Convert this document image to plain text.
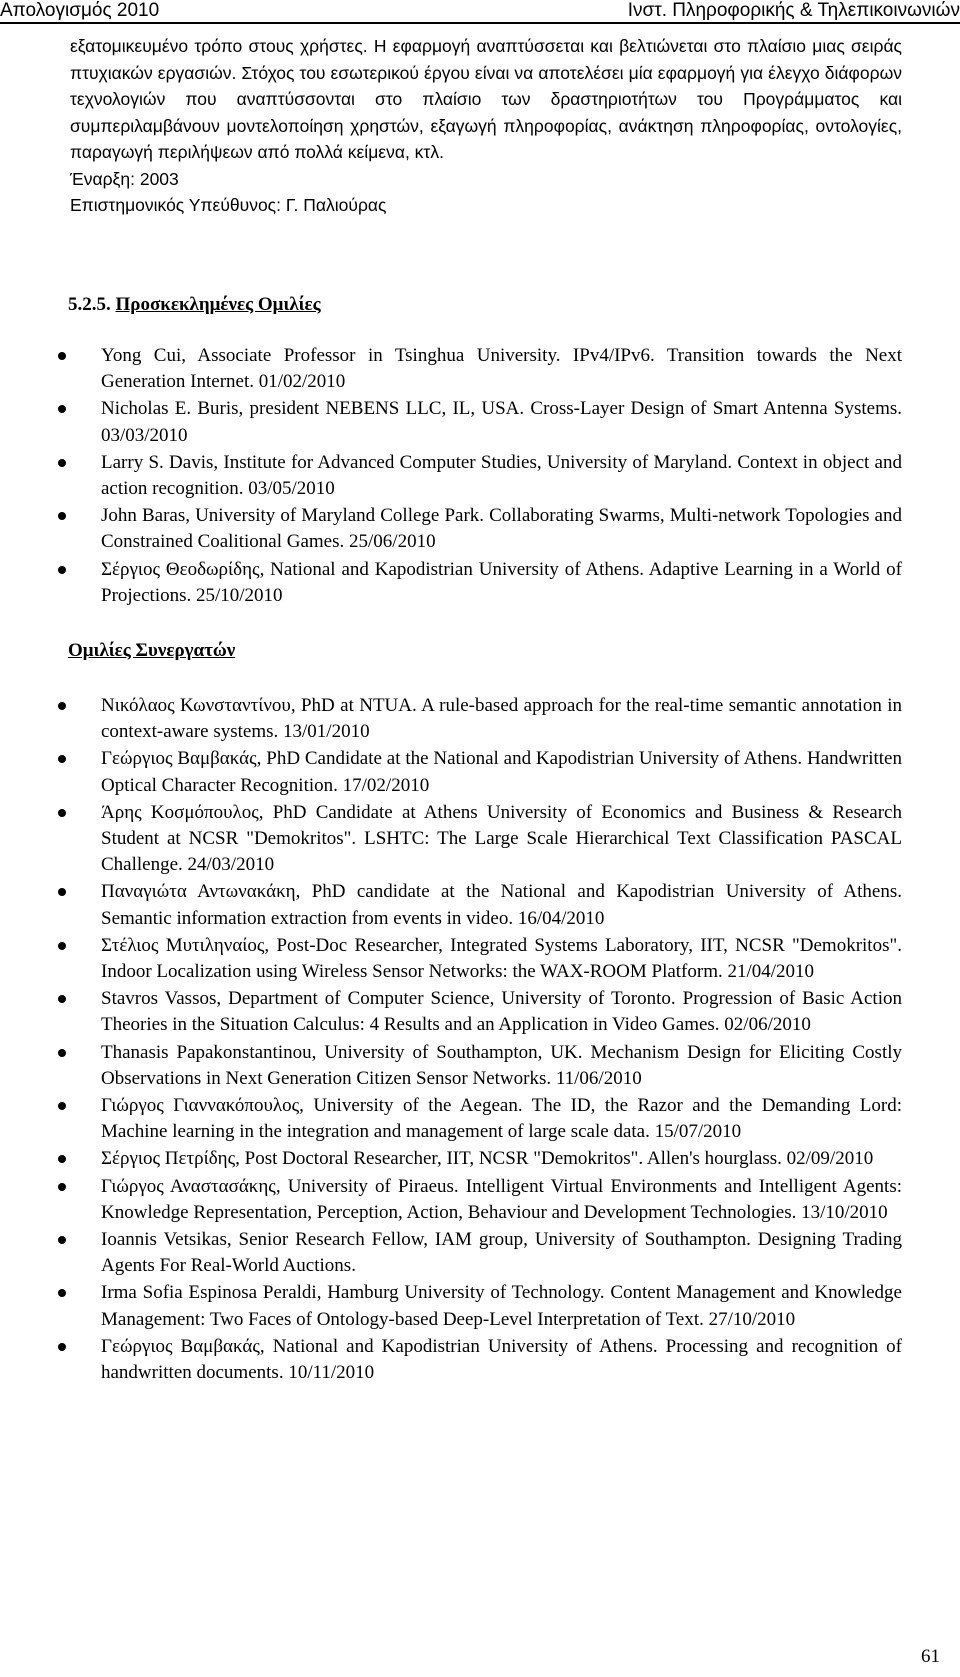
Απολογισμός 2010	Ινστ. Πληροφορικής & Τηλεπικοινωνιών

εξατομικευμένο τρόπο στους χρήστες. Η εφαρμογή αναπτύσσεται και βελτιώνεται στο πλαίσιο μιας σειράς πτυχιακών εργασιών. Στόχος του εσωτερικού έργου είναι να αποτελέσει μία εφαρμογή για έλεγχο διάφορων τεχνολογιών που αναπτύσσονται στο πλαίσιο των δραστηριοτήτων του Προγράμματος και συμπεριλαμβάνουν μοντελοποίηση χρηστών, εξαγωγή πληροφορίας, ανάκτηση πληροφορίας, οντολογίες, παραγωγή περιλήψεων από πολλά κείμενα, κτλ.

Έναρξη: 2003

Επιστημονικός Υπεύθυνος: Γ. Παλιούρας

5.2.5. Προσκεκλημένες Ομιλίες
Yong Cui, Associate Professor in Tsinghua University. IPv4/IPv6. Transition towards the Next Generation Internet. 01/02/2010
Nicholas E. Buris, president NEBENS LLC, IL, USA. Cross-Layer Design of Smart Antenna Systems. 03/03/2010
Larry S. Davis, Institute for Advanced Computer Studies, University of Maryland. Context in object and action recognition. 03/05/2010
John Baras, University of Maryland College Park. Collaborating Swarms, Multi-network Topologies and Constrained Coalitional Games. 25/06/2010
Σέργιος Θεοδωρίδης, National and Kapodistrian University of Athens. Adaptive Learning in a World of Projections. 25/10/2010
Ομιλίες Συνεργατών
Νικόλαος Κωνσταντίνου, PhD at NTUA. A rule-based approach for the real-time semantic annotation in context-aware systems. 13/01/2010
Γεώργιος Βαμβακάς, PhD Candidate at the National and Kapodistrian University of Athens. Handwritten Optical Character Recognition. 17/02/2010
Άρης Κοσμόπουλος, PhD Candidate at Athens University of Economics and Business & Research Student at NCSR "Demokritos". LSHTC: The Large Scale Hierarchical Text Classification PASCAL Challenge. 24/03/2010
Παναγιώτα Αντωνακάκη, PhD candidate at the National and Kapodistrian University of Athens. Semantic information extraction from events in video. 16/04/2010
Στέλιος Μυτιληναίος, Post-Doc Researcher, Integrated Systems Laboratory, IIT, NCSR "Demokritos". Indoor Localization using Wireless Sensor Networks: the WAX-ROOM Platform. 21/04/2010
Stavros Vassos, Department of Computer Science, University of Toronto. Progression of Basic Action Theories in the Situation Calculus: 4 Results and an Application in Video Games. 02/06/2010
Thanasis Papakonstantinou, University of Southampton, UK. Mechanism Design for Eliciting Costly Observations in Next Generation Citizen Sensor Networks. 11/06/2010
Γιώργος Γιαννακόπουλος, University of the Aegean. The ID, the Razor and the Demanding Lord: Machine learning in the integration and management of large scale data. 15/07/2010
Σέργιος Πετρίδης, Post Doctoral Researcher, IIT, NCSR "Demokritos". Allen's hourglass. 02/09/2010
Γιώργος Αναστασάκης, University of Piraeus. Intelligent Virtual Environments and Intelligent Agents: Knowledge Representation, Perception, Action, Behaviour and Development Technologies. 13/10/2010
Ioannis Vetsikas, Senior Research Fellow, IAM group, University of Southampton. Designing Trading Agents For Real-World Auctions.
Irma Sofia Espinosa Peraldi, Hamburg University of Technology. Content Management and Knowledge Management: Two Faces of Ontology-based Deep-Level Interpretation of Text. 27/10/2010
Γεώργιος Βαμβακάς, National and Kapodistrian University of Athens. Processing and recognition of handwritten documents. 10/11/2010
61
